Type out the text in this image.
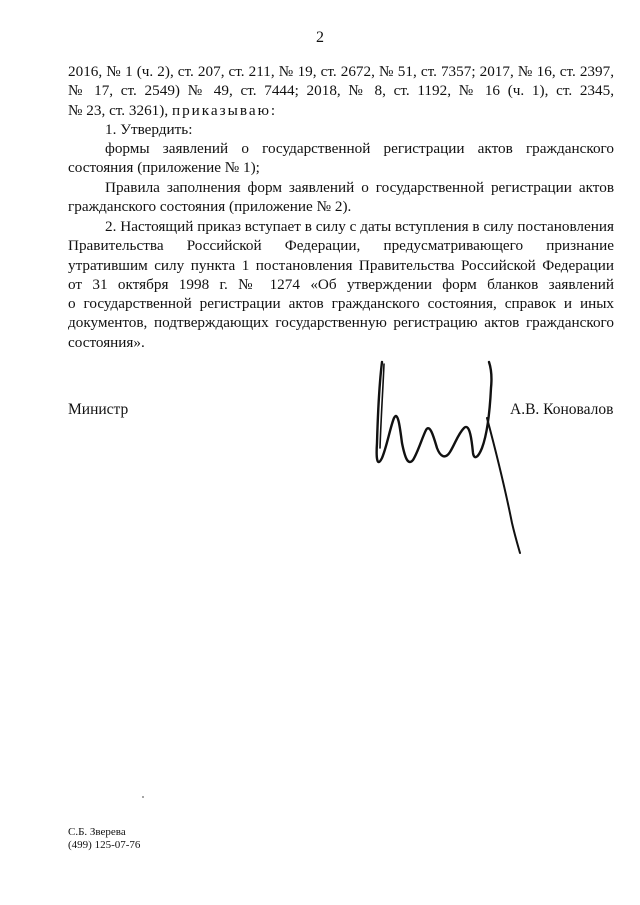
2
2016, № 1 (ч. 2), ст. 207, ст. 211, № 19, ст. 2672, № 51, ст. 7357; 2017, № 16, ст. 2397,
№ 17, ст. 2549) № 49, ст. 7444; 2018, № 8, ст. 1192, № 16 (ч. 1), ст. 2345,
№ 23, ст. 3261), приказываю:
1. Утвердить:
формы заявлений о государственной регистрации актов гражданского
состояния (приложение № 1);
Правила заполнения форм заявлений о государственной регистрации актов
гражданского состояния (приложение № 2).
2. Настоящий приказ вступает в силу с даты вступления в силу постановления
Правительства Российской Федерации, предусматривающего признание
утратившим силу пункта 1 постановления Правительства Российской Федерации
от 31 октября 1998 г. № 1274 «Об утверждении форм бланков заявлений
о государственной регистрации актов гражданского состояния, справок и иных
документов, подтверждающих государственную регистрацию актов гражданского
состояния».
Министр	А.В. Коновалов
С.Б. Зверева
(499) 125-07-76
